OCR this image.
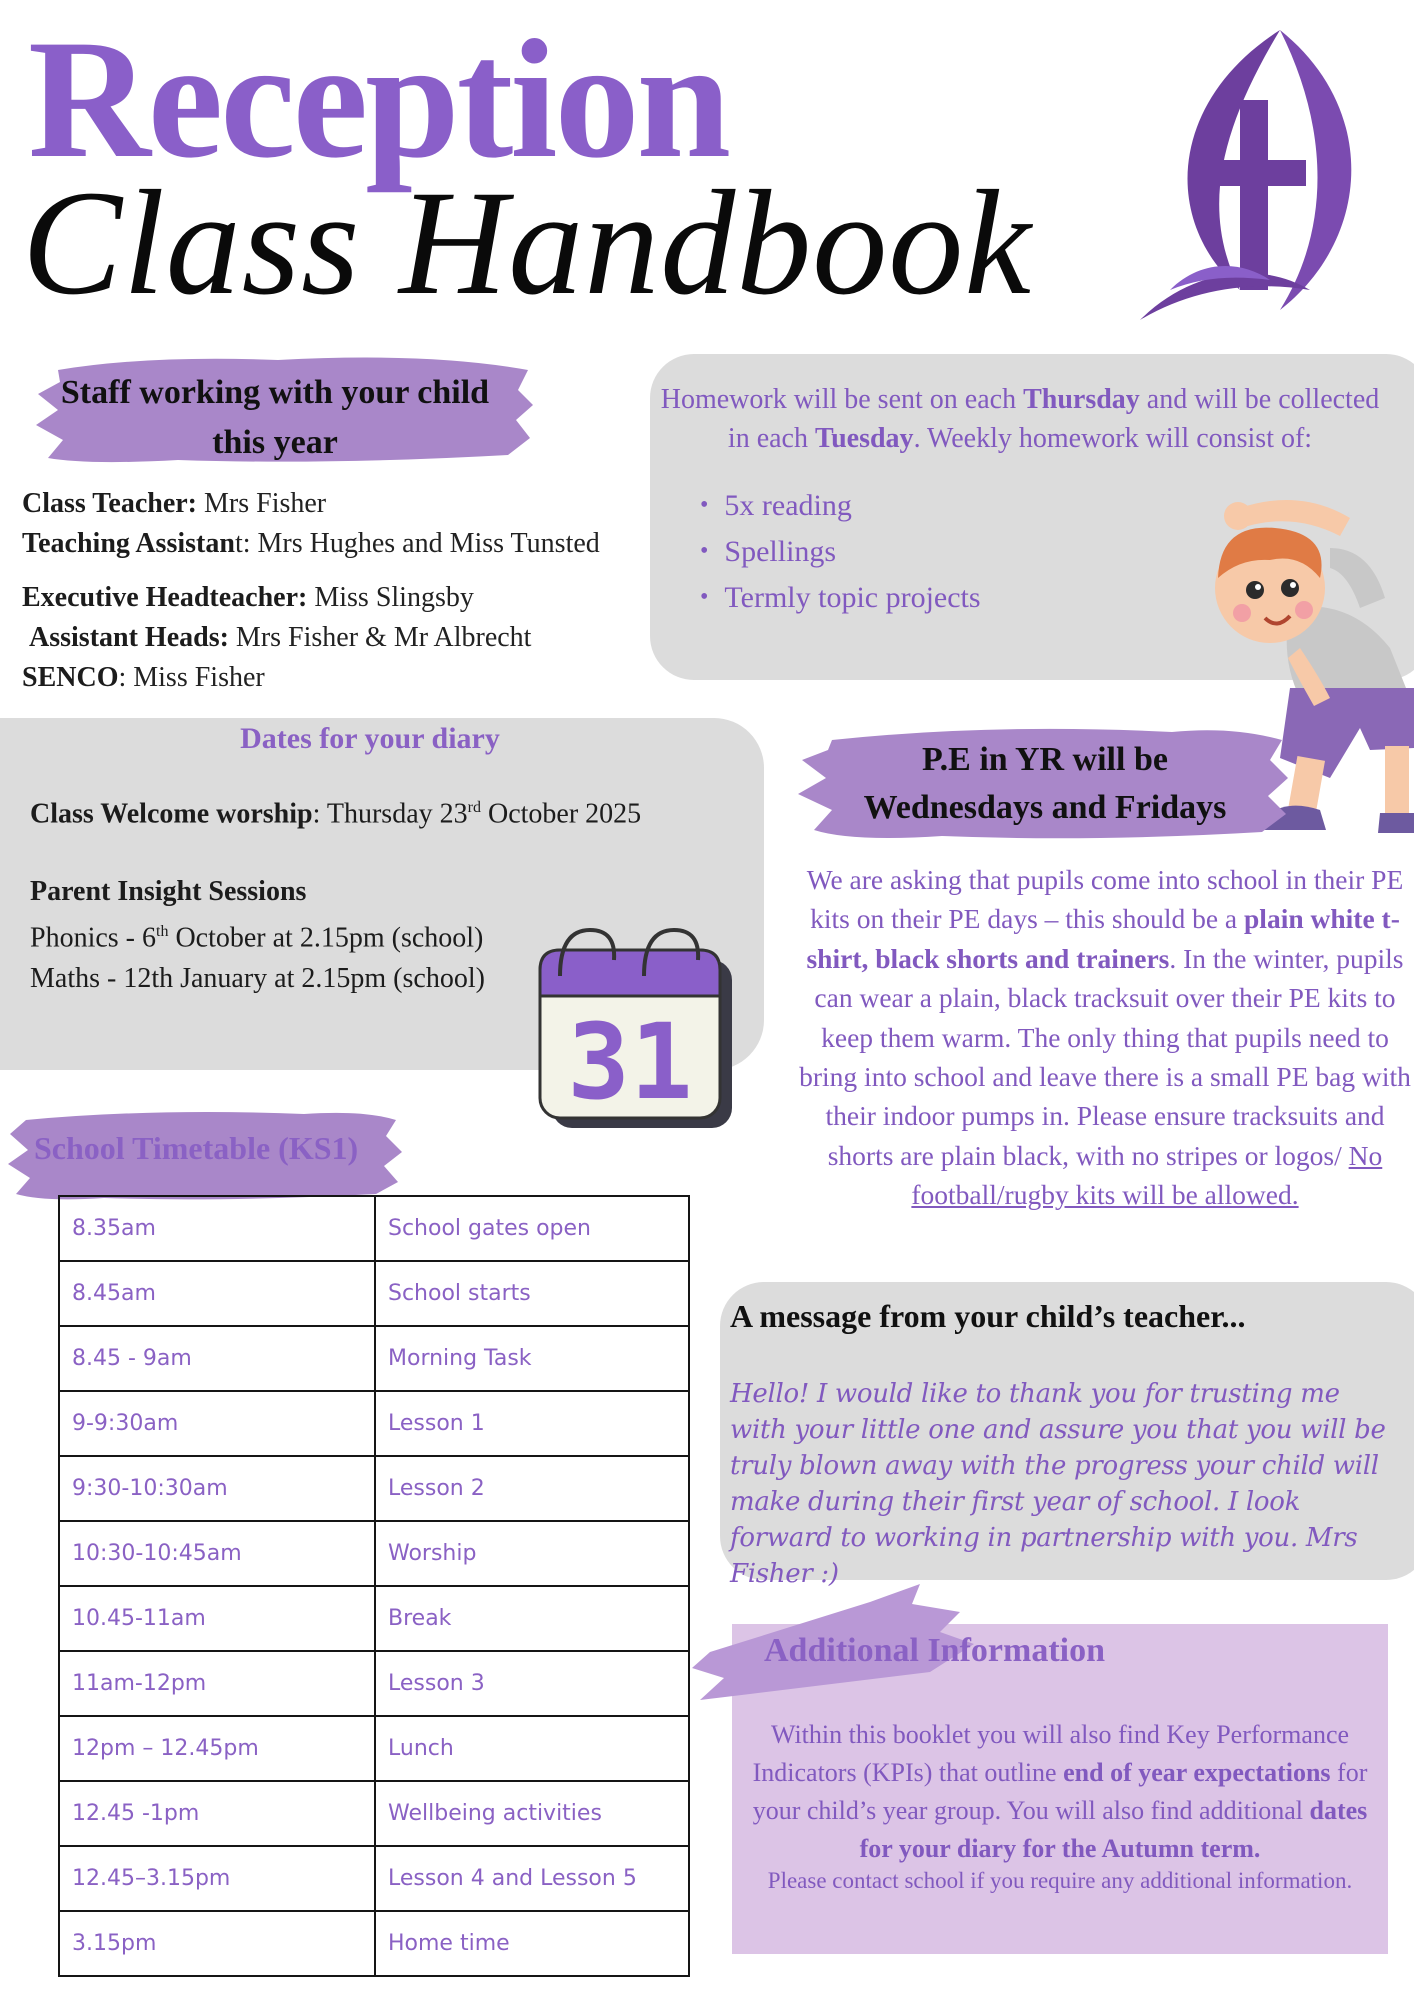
Reception
Class Handbook
Staff working with your child this year
Class Teacher: Mrs Fisher
Teaching Assistant: Mrs Hughes and Miss Tunsted
Executive Headteacher: Miss Slingsby
Assistant Heads: Mrs Fisher & Mr Albrecht
SENCO: Miss Fisher
Homework will be sent on each Thursday and will be collected in each Tuesday. Weekly homework will consist of:
• 5x reading
• Spellings
• Termly topic projects
Dates for your diary
Class Welcome worship: Thursday 23rd October 2025
Parent Insight Sessions
Phonics - 6th October at 2.15pm (school)
Maths - 12th January at 2.15pm (school)
31
P.E in YR will be
Wednesdays and Fridays
We are asking that pupils come into school in their PE kits on their PE days – this should be a plain white t-shirt, black shorts and trainers. In the winter, pupils can wear a plain, black tracksuit over their PE kits to keep them warm. The only thing that pupils need to bring into school and leave there is a small PE bag with their indoor pumps in. Please ensure tracksuits and shorts are plain black, with no stripes or logos/ No football/rugby kits will be allowed.
School Timetable (KS1)
8.35am	School gates open
8.45am	School starts
8.45 - 9am	Morning Task
9-9:30am	Lesson 1
9:30-10:30am	Lesson 2
10:30-10:45am	Worship
10.45-11am	Break
11am-12pm	Lesson 3
12pm – 12.45pm	Lunch
12.45 -1pm	Wellbeing activities
12.45–3.15pm	Lesson 4 and Lesson 5
3.15pm	Home time
A message from your child’s teacher...
Hello! I would like to thank you for trusting me with your little one and assure you that you will be truly blown away with the progress your child will make during their first year of school. I look forward to working in partnership with you. Mrs Fisher :)
Additional Information
Within this booklet you will also find Key Performance Indicators (KPIs) that outline end of year expectations for your child’s year group. You will also find additional dates for your diary for the Autumn term.
Please contact school if you require any additional information.
